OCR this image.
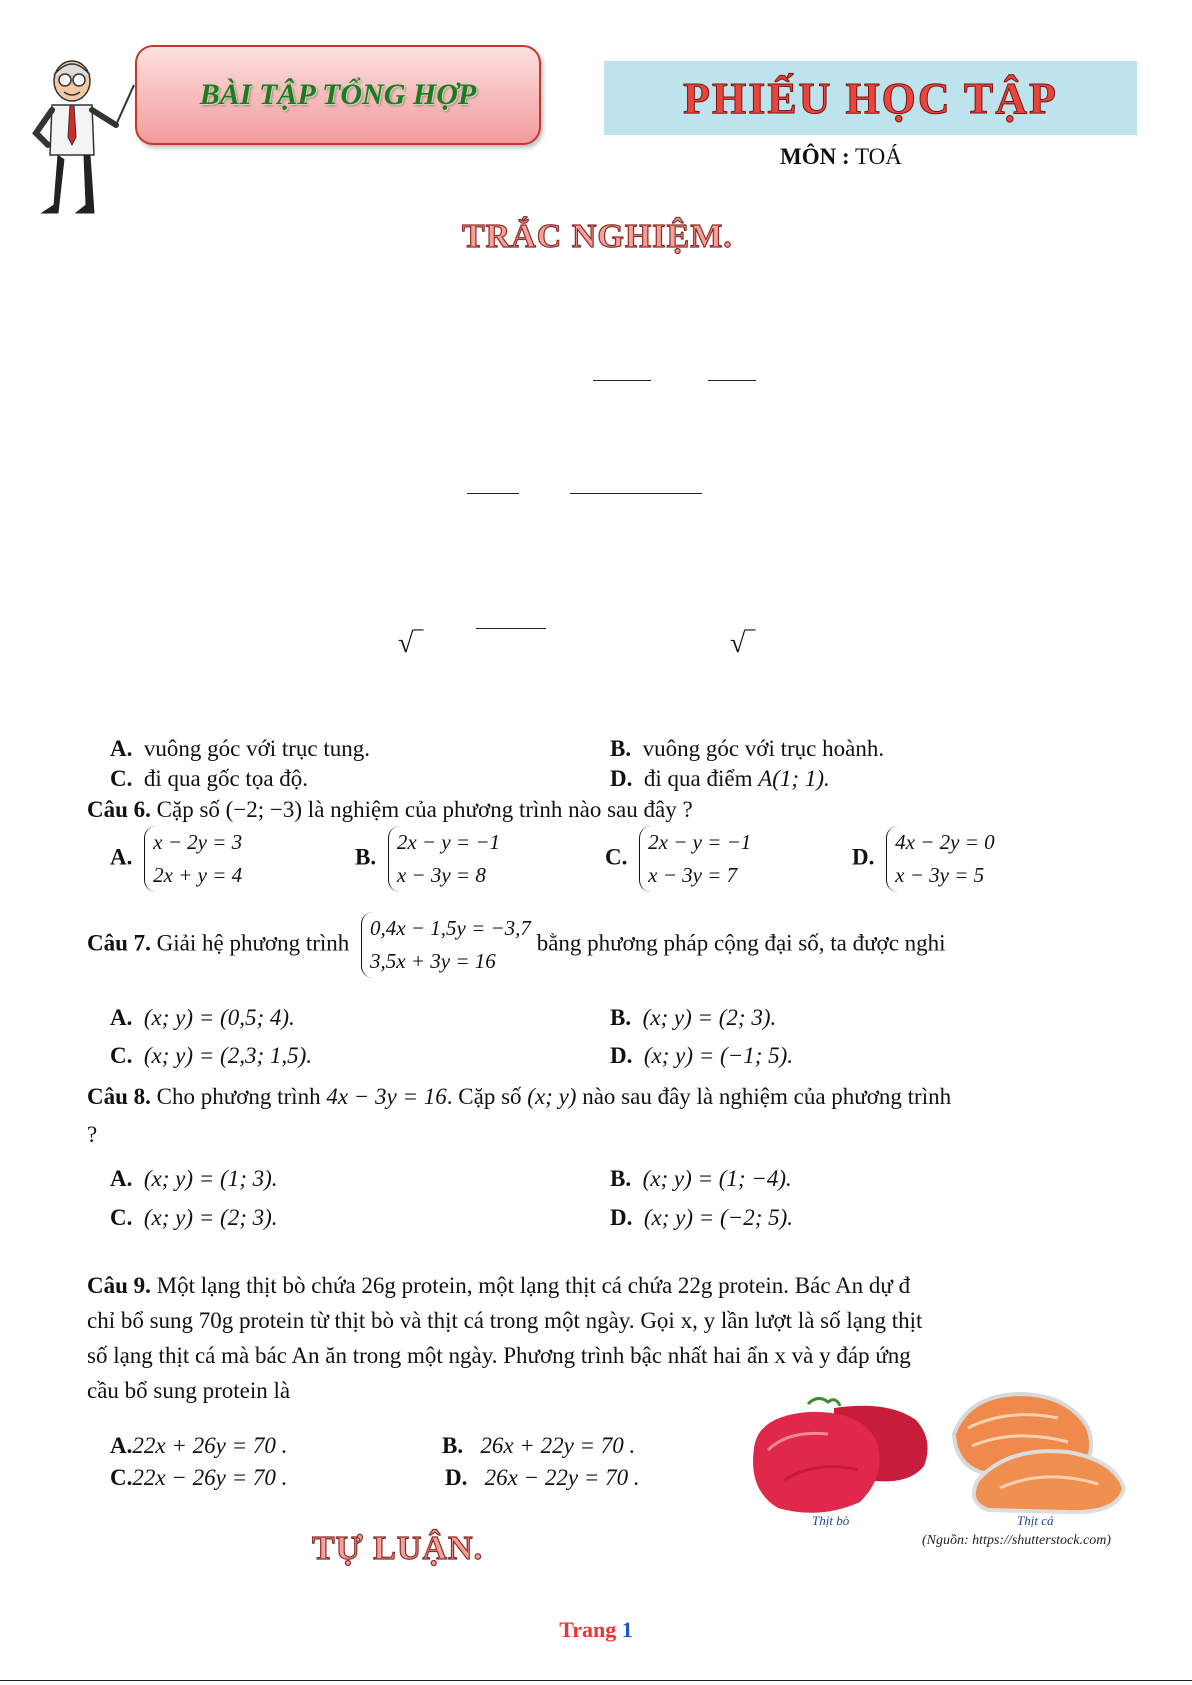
BÀI TẬP TỔNG HỢP	PHIẾU HỌC TẬP
MÔN : TOÁ
TRẮC NGHIỆM.
√‾	√‾
A. vuông góc với trục tung.	B. vuông góc với trục hoành.
C. đi qua gốc tọa độ.	D. đi qua điểm A(1; 1).
Câu 6. Cặp số (−2; −3) là nghiệm của phương trình nào sau đây ?
A. x − 2y = 3
2x + y = 4
B. 2x − y = −1
x − 3y = 8
C. 2x − y = −1
x − 3y = 7
D. 4x − 2y = 0
x − 3y = 5
Câu 7. Giải hệ phương trình 0,4x − 1,5y = −3,7
3,5x + 3y = 16 bằng phương pháp cộng đại số, ta được nghi
A. (x; y) = (0,5; 4).	B. (x; y) = (2; 3).
C. (x; y) = (2,3; 1,5).	D. (x; y) = (−1; 5).
Câu 8. Cho phương trình 4x − 3y = 16. Cặp số (x; y) nào sau đây là nghiệm của phương trình
?
A. (x; y) = (1; 3).	B. (x; y) = (1; −4).
C. (x; y) = (2; 3).	D. (x; y) = (−2; 5).
Câu 9. Một lạng thịt bò chứa 26g protein, một lạng thịt cá chứa 22g protein. Bác An dự đ
chỉ bổ sung 70g protein từ thịt bò và thịt cá trong một ngày. Gọi x, y lần lượt là số lạng thịt
số lạng thịt cá mà bác An ăn trong một ngày. Phương trình bậc nhất hai ẩn x và y đáp ứng
cầu bổ sung protein là
A.22x + 26y = 70 .	B. 26x + 22y = 70 .
C.22x − 26y = 70 .	D. 26x − 22y = 70 .
Thịt bò	Thịt cá
(Nguồn: https://shutterstock.com)
TỰ LUẬN.
Trang 1
